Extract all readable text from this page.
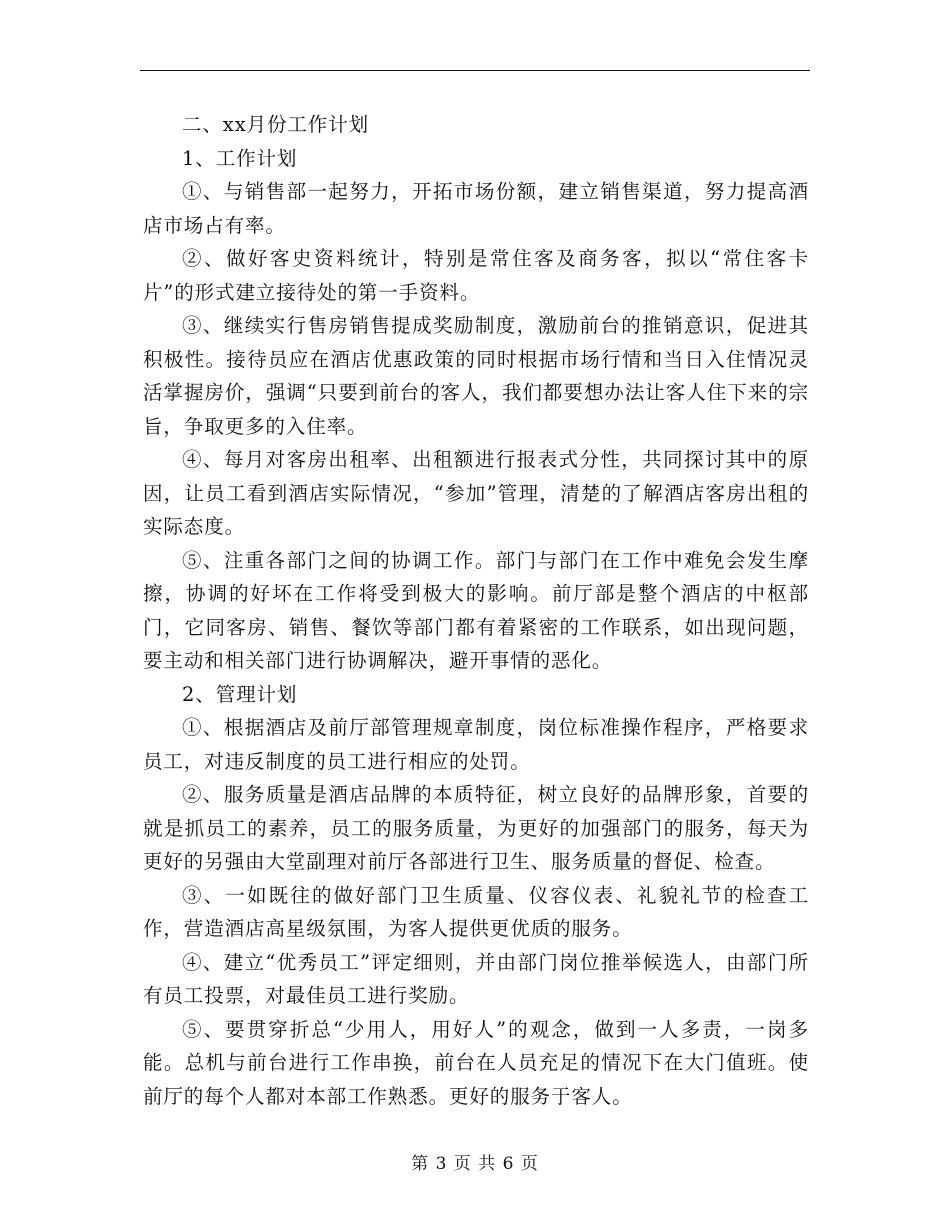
二、xx月份工作计划

1、工作计划

①、与销售部一起努力，开拓市场份额，建立销售渠道，努力提高酒店市场占有率。

②、做好客史资料统计，特别是常住客及商务客，拟以“常住客卡片”的形式建立接待处的第一手资料。

③、继续实行售房销售提成奖励制度，激励前台的推销意识，促进其积极性。接待员应在酒店优惠政策的同时根据市场行情和当日入住情况灵活掌握房价，强调“只要到前台的客人，我们都要想办法让客人住下来的宗旨，争取更多的入住率。

④、每月对客房出租率、出租额进行报表式分性，共同探讨其中的原因，让员工看到酒店实际情况，“参加”管理，清楚的了解酒店客房出租的实际态度。

⑤、注重各部门之间的协调工作。部门与部门在工作中难免会发生摩擦，协调的好坏在工作将受到极大的影响。前厅部是整个酒店的中枢部门，它同客房、销售、餐饮等部门都有着紧密的工作联系，如出现问题，要主动和相关部门进行协调解决，避开事情的恶化。

2、管理计划

①、根据酒店及前厅部管理规章制度，岗位标准操作程序，严格要求员工，对违反制度的员工进行相应的处罚。

②、服务质量是酒店品牌的本质特征，树立良好的品牌形象，首要的就是抓员工的素养，员工的服务质量，为更好的加强部门的服务，每天为更好的另强由大堂副理对前厅各部进行卫生、服务质量的督促、检查。

③、一如既往的做好部门卫生质量、仪容仪表、礼貌礼节的检查工作，营造酒店高星级氛围，为客人提供更优质的服务。

④、建立“优秀员工”评定细则，并由部门岗位推举候选人，由部门所有员工投票，对最佳员工进行奖励。

⑤、要贯穿折总“少用人，用好人”的观念，做到一人多责，一岗多能。总机与前台进行工作串换，前台在人员充足的情况下在大门值班。使前厅的每个人都对本部工作熟悉。更好的服务于客人。

第 3 页 共 6 页
